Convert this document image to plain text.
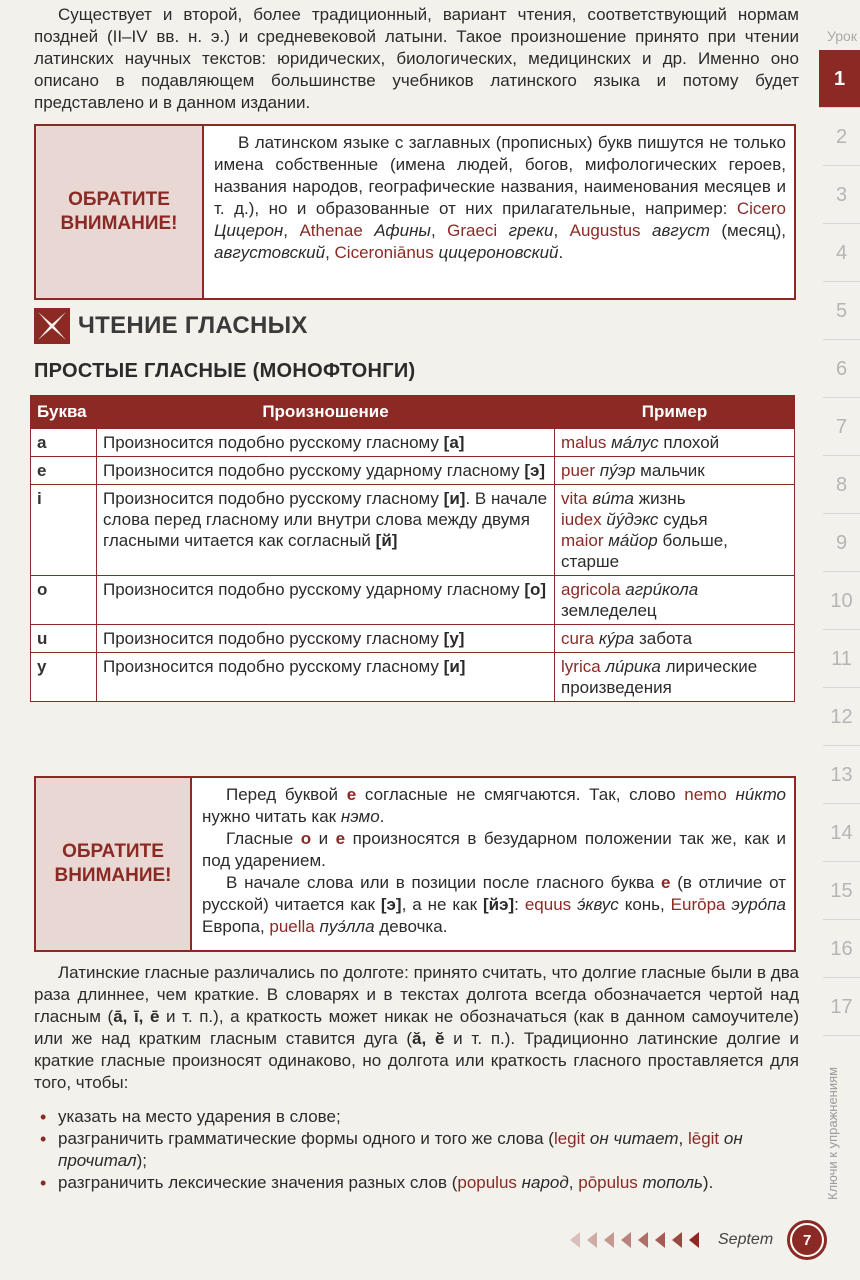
Существует и второй, более традиционный, вариант чтения, соответствующий нормам поздней (II–IV вв. н. э.) и средневековой латыни. Такое произношение принято при чтении латинских научных текстов: юридических, биологических, медицинских и др. Именно оно описано в подавляющем большинстве учебников латинского языка и потому будет представлено и в данном издании.

ОБРАТИТЕ ВНИМАНИЕ!

В латинском языке с заглавных (прописных) букв пишутся не только имена собственные (имена людей, богов, мифологических героев, названия народов, географические названия, наименования месяцев и т. д.), но и образованные от них прилагательные, например: Cicero Цицерон, Athenae Афины, Graeci греки, Augustus август (месяц), августовский, Ciceroniānus цицероновский.

ЧТЕНИЕ ГЛАСНЫХ
ПРОСТЫЕ ГЛАСНЫЕ (МОНОФТОНГИ)
Буква	Произношение	Пример
a	Произносится подобно русскому гласному [а]	malus мáлус плохой
e	Произносится подобно русскому ударному гласному [э]	puer пýэр мальчик
i	Произносится подобно русскому гласному [и]. В начале слова перед гласному или внутри слова между двумя гласными читается как согласный [й]	vita вúта жизнь
iudex йýдэкс судья
maior мáйор больше, старше

o	Произносится подобно русскому ударному гласному [о]	agricola агрúкола земледелец
u	Произносится подобно русскому гласному [у]	cura кýра забота
y	Произносится подобно русскому гласному [и]	lyrica лúрика лирические произведения
ОБРАТИТЕ ВНИМАНИЕ!

Перед буквой е согласные не смягчаются. Так, слово nemo нúкто нужно читать как нэмо.

Гласные о и е произносятся в безударном положении так же, как и под ударением.

В начале слова или в позиции после гласного буква е (в отличие от русской) читается как [э], а не как [йэ]: equus э́квус конь, Eurōpa эурóпа Европа, puella пуэ́лла девочка.

Латинские гласные различались по долготе: принято считать, что долгие гласные были в два раза длиннее, чем краткие. В словарях и в текстах долгота всегда обозначается чертой над гласным (ā, ī, ē и т. п.), а краткость может никак не обозначаться (как в данном самоучителе) или же над кратким гласным ставится дуга (ă, ĕ и т. п.). Традиционно латинские долгие и краткие гласные произносят одинаково, но долгота или краткость гласного проставляется для того, чтобы:

• указать на место ударения в слове;
• разграничить грамматические формы одного и того же слова (legit он читает, lēgit он прочитал);
• разграничить лексические значения разных слов (populus народ, pōpulus тополь).
Septem	7
Урок
1
2
3
4
5
6
7
8
9
10
11
12
13
14
15
16
17
Ключи к упражнениям
